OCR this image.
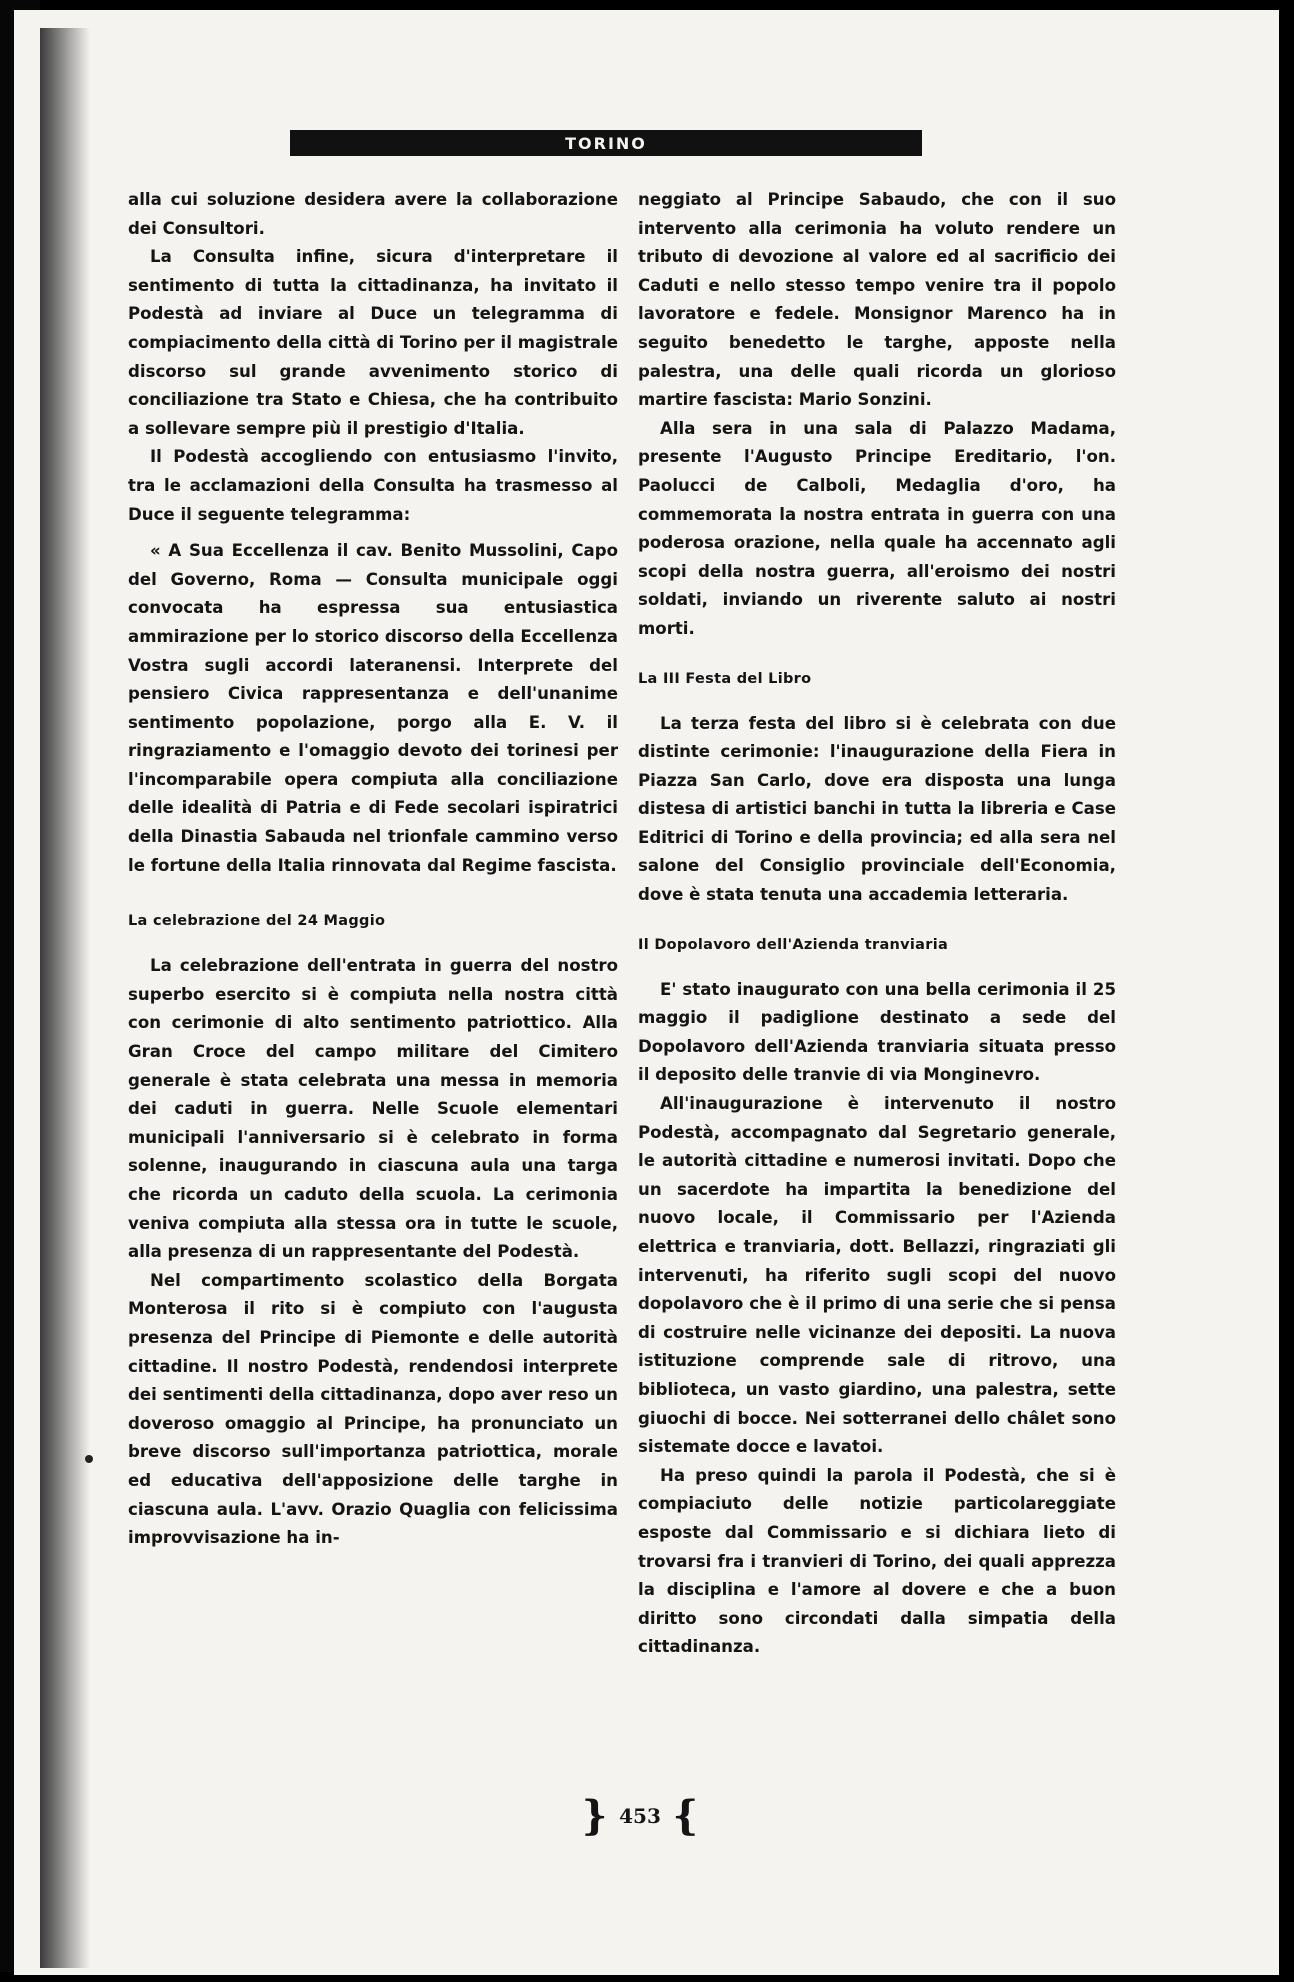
TORINO

alla cui soluzione desidera avere la collaborazione dei Consultori.

La Consulta infine, sicura d'interpretare il sentimento di tutta la cittadinanza, ha invitato il Podestà ad inviare al Duce un telegramma di compiacimento della città di Torino per il magistrale discorso sul grande avvenimento storico di conciliazione tra Stato e Chiesa, che ha contribuito a sollevare sempre più il prestigio d'Italia.

Il Podestà accogliendo con entusiasmo l'invito, tra le acclamazioni della Consulta ha trasmesso al Duce il seguente telegramma:

« A Sua Eccellenza il cav. Benito Mussolini, Capo del Governo, Roma — Consulta municipale oggi convocata ha espressa sua entusiastica ammirazione per lo storico discorso della Eccellenza Vostra sugli accordi lateranensi. Interprete del pensiero Civica rappresentanza e dell'unanime sentimento popolazione, porgo alla E. V. il ringraziamento e l'omaggio devoto dei torinesi per l'incomparabile opera compiuta alla conciliazione delle idealità di Patria e di Fede secolari ispiratrici della Dinastia Sabauda nel trionfale cammino verso le fortune della Italia rinnovata dal Regime fascista.

La celebrazione del 24 Maggio

La celebrazione dell'entrata in guerra del nostro superbo esercito si è compiuta nella nostra città con cerimonie di alto sentimento patriottico. Alla Gran Croce del campo militare del Cimitero generale è stata celebrata una messa in memoria dei caduti in guerra. Nelle Scuole elementari municipali l'anniversario si è celebrato in forma solenne, inaugurando in ciascuna aula una targa che ricorda un caduto della scuola. La cerimonia veniva compiuta alla stessa ora in tutte le scuole, alla presenza di un rappresentante del Podestà.

Nel compartimento scolastico della Borgata Monterosa il rito si è compiuto con l'augusta presenza del Principe di Piemonte e delle autorità cittadine. Il nostro Podestà, rendendosi interprete dei sentimenti della cittadinanza, dopo aver reso un doveroso omaggio al Principe, ha pronunciato un breve discorso sull'importanza patriottica, morale ed educativa dell'apposizione delle targhe in ciascuna aula. L'avv. Orazio Quaglia con felicissima improvvisazione ha in-

neggiato al Principe Sabaudo, che con il suo intervento alla cerimonia ha voluto rendere un tributo di devozione al valore ed al sacrificio dei Caduti e nello stesso tempo venire tra il popolo lavoratore e fedele. Monsignor Marenco ha in seguito benedetto le targhe, apposte nella palestra, una delle quali ricorda un glorioso martire fascista: Mario Sonzini.

Alla sera in una sala di Palazzo Madama, presente l'Augusto Principe Ereditario, l'on. Paolucci de Calboli, Medaglia d'oro, ha commemorata la nostra entrata in guerra con una poderosa orazione, nella quale ha accennato agli scopi della nostra guerra, all'eroismo dei nostri soldati, inviando un riverente saluto ai nostri morti.

La III Festa del Libro

La terza festa del libro si è celebrata con due distinte cerimonie: l'inaugurazione della Fiera in Piazza San Carlo, dove era disposta una lunga distesa di artistici banchi in tutta la libreria e Case Editrici di Torino e della provincia; ed alla sera nel salone del Consiglio provinciale dell'Economia, dove è stata tenuta una accademia letteraria.

Il Dopolavoro dell'Azienda tranviaria

E' stato inaugurato con una bella cerimonia il 25 maggio il padiglione destinato a sede del Dopolavoro dell'Azienda tranviaria situata presso il deposito delle tranvie di via Monginevro.

All'inaugurazione è intervenuto il nostro Podestà, accompagnato dal Segretario generale, le autorità cittadine e numerosi invitati. Dopo che un sacerdote ha impartita la benedizione del nuovo locale, il Commissario per l'Azienda elettrica e tranviaria, dott. Bellazzi, ringraziati gli intervenuti, ha riferito sugli scopi del nuovo dopolavoro che è il primo di una serie che si pensa di costruire nelle vicinanze dei depositi. La nuova istituzione comprende sale di ritrovo, una biblioteca, un vasto giardino, una palestra, sette giuochi di bocce. Nei sotterranei dello châlet sono sistemate docce e lavatoi.

Ha preso quindi la parola il Podestà, che si è compiaciuto delle notizie particolareggiate esposte dal Commissario e si dichiara lieto di trovarsi fra i tranvieri di Torino, dei quali apprezza la disciplina e l'amore al dovere e che a buon diritto sono circondati dalla simpatia della cittadinanza.

} 453 {
